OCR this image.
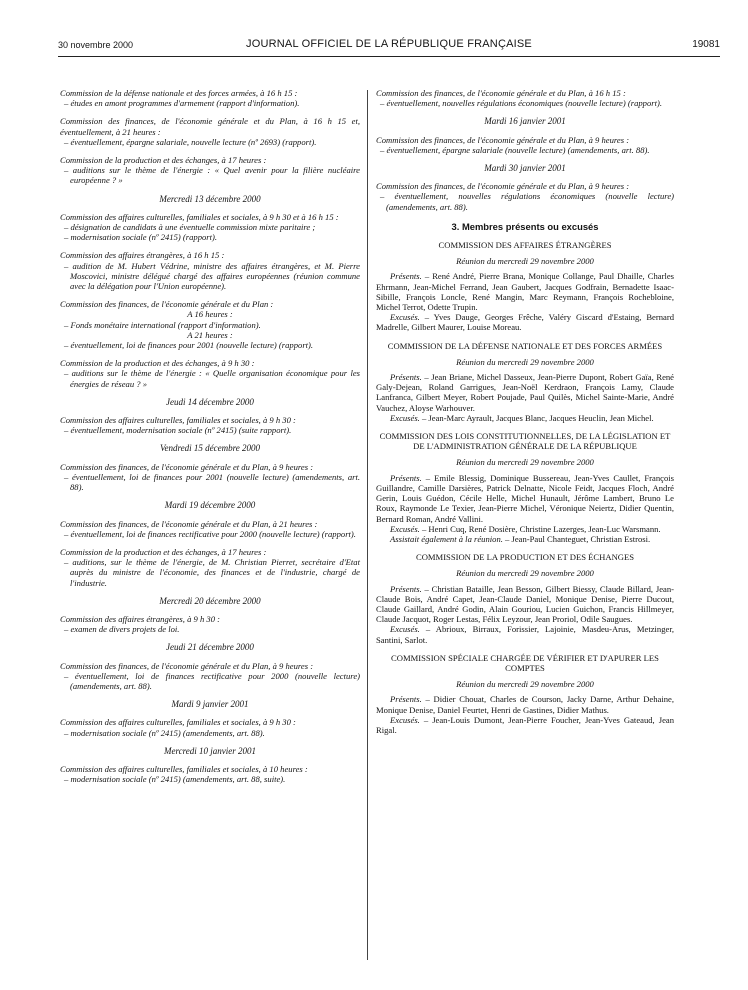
30 novembre 2000	JOURNAL OFFICIEL DE LA RÉPUBLIQUE FRANÇAISE	19081

Commission de la défense nationale et des forces armées, à 16 h 15 :

– études en amont programmes d'armement (rapport d'information).

Commission des finances, de l'économie générale et du Plan, à 16 h 15 et, éventuellement, à 21 heures :

– éventuellement, épargne salariale, nouvelle lecture (nº 2693) (rapport).

Commission de la production et des échanges, à 17 heures :

– auditions sur le thème de l'énergie : « Quel avenir pour la filière nucléaire européenne ? »

Mercredi 13 décembre 2000

Commission des affaires culturelles, familiales et sociales, à 9 h 30 et à 16 h 15 :

– désignation de candidats à une éventuelle commission mixte paritaire ;

– modernisation sociale (nº 2415) (rapport).

Commission des affaires étrangères, à 16 h 15 :

– audition de M. Hubert Védrine, ministre des affaires étrangères, et M. Pierre Moscovici, ministre délégué chargé des affaires européennes (réunion commune avec la délégation pour l'Union européenne).

Commission des finances, de l'économie générale et du Plan :

A 16 heures :

– Fonds monétaire international (rapport d'information).

A 21 heures :

– éventuellement, loi de finances pour 2001 (nouvelle lecture) (rapport).

Commission de la production et des échanges, à 9 h 30 :

– auditions sur le thème de l'énergie : « Quelle organisation économique pour les énergies de réseau ? »

Jeudi 14 décembre 2000

Commission des affaires culturelles, familiales et sociales, à 9 h 30 :

– éventuellement, modernisation sociale (nº 2415) (suite rapport).

Vendredi 15 décembre 2000

Commission des finances, de l'économie générale et du Plan, à 9 heures :

– éventuellement, loi de finances pour 2001 (nouvelle lecture) (amendements, art. 88).

Mardi 19 décembre 2000

Commission des finances, de l'économie générale et du Plan, à 21 heures :

– éventuellement, loi de finances rectificative pour 2000 (nouvelle lecture) (rapport).

Commission de la production et des échanges, à 17 heures :

– auditions, sur le thème de l'énergie, de M. Christian Pierret, secrétaire d'Etat auprès du ministre de l'économie, des finances et de l'industrie, chargé de l'industrie.

Mercredi 20 décembre 2000

Commission des affaires étrangères, à 9 h 30 :

– examen de divers projets de loi.

Jeudi 21 décembre 2000

Commission des finances, de l'économie générale et du Plan, à 9 heures :

– éventuellement, loi de finances rectificative pour 2000 (nouvelle lecture) (amendements, art. 88).

Mardi 9 janvier 2001

Commission des affaires culturelles, familiales et sociales, à 9 h 30 :

– modernisation sociale (nº 2415) (amendements, art. 88).

Mercredi 10 janvier 2001

Commission des affaires culturelles, familiales et sociales, à 10 heures :

– modernisation sociale (nº 2415) (amendements, art. 88, suite).

Commission des finances, de l'économie générale et du Plan, à 16 h 15 :

– éventuellement, nouvelles régulations économiques (nouvelle lecture) (rapport).

Mardi 16 janvier 2001

Commission des finances, de l'économie générale et du Plan, à 9 heures :

– éventuellement, épargne salariale (nouvelle lecture) (amendements, art. 88).

Mardi 30 janvier 2001

Commission des finances, de l'économie générale et du Plan, à 9 heures :

– éventuellement, nouvelles régulations économiques (nouvelle lecture) (amendements, art. 88).

3. Membres présents ou excusés
COMMISSION DES AFFAIRES ÉTRANGÈRES
Réunion du mercredi 29 novembre 2000

Présents. – René André, Pierre Brana, Monique Collange, Paul Dhaille, Charles Ehrmann, Jean-Michel Ferrand, Jean Gaubert, Jacques Godfrain, Bernadette Isaac-Sibille, François Loncle, René Mangin, Marc Reymann, François Rochebloine, Michel Terrot, Odette Trupin.

Excusés. – Yves Dauge, Georges Frêche, Valéry Giscard d'Estaing, Bernard Madrelle, Gilbert Maurer, Louise Moreau.

COMMISSION DE LA DÉFENSE NATIONALE ET DES FORCES ARMÉES
Réunion du mercredi 29 novembre 2000

Présents. – Jean Briane, Michel Dasseux, Jean-Pierre Dupont, Robert Gaïa, René Galy-Dejean, Roland Garrigues, Jean-Noël Kerdraon, François Lamy, Claude Lanfranca, Gilbert Meyer, Robert Poujade, Paul Quilès, Michel Sainte-Marie, André Vauchez, Aloyse Warhouver.

Excusés. – Jean-Marc Ayrault, Jacques Blanc, Jacques Heuclin, Jean Michel.

COMMISSION DES LOIS CONSTITUTIONNELLES, DE LA LÉGISLATION ET DE L'ADMINISTRATION GÉNÉRALE DE LA RÉPUBLIQUE
Réunion du mercredi 29 novembre 2000

Présents. – Emile Blessig, Dominique Bussereau, Jean-Yves Caullet, François Guillandre, Camille Darsières, Patrick Delnatte, Nicole Feidt, Jacques Floch, André Gerin, Louis Guédon, Cécile Helle, Michel Hunault, Jérôme Lambert, Bruno Le Roux, Raymonde Le Texier, Jean-Pierre Michel, Véronique Neiertz, Didier Quentin, Bernard Roman, André Vallini.

Excusés. – Henri Cuq, René Dosière, Christine Lazerges, Jean-Luc Warsmann.

Assistait également à la réunion. – Jean-Paul Chanteguet, Christian Estrosi.

COMMISSION DE LA PRODUCTION ET DES ÉCHANGES
Réunion du mercredi 29 novembre 2000

Présents. – Christian Bataille, Jean Besson, Gilbert Biessy, Claude Billard, Jean-Claude Bois, André Capet, Jean-Claude Daniel, Monique Denise, Pierre Ducout, Claude Gaillard, André Godin, Alain Gouriou, Lucien Guichon, Francis Hillmeyer, Claude Jacquot, Roger Lestas, Félix Leyzour, Jean Proriol, Odile Saugues.

Excusés. – Abrioux, Birraux, Forissier, Lajoinie, Masdeu-Arus, Metzinger, Santini, Sarlot.

COMMISSION SPÉCIALE CHARGÉE DE VÉRIFIER ET D'APURER LES COMPTES
Réunion du mercredi 29 novembre 2000

Présents. – Didier Chouat, Charles de Courson, Jacky Darne, Arthur Dehaine, Monique Denise, Daniel Feurtet, Henri de Gastines, Didier Mathus.

Excusés. – Jean-Louis Dumont, Jean-Pierre Foucher, Jean-Yves Gateaud, Jean Rigal.
